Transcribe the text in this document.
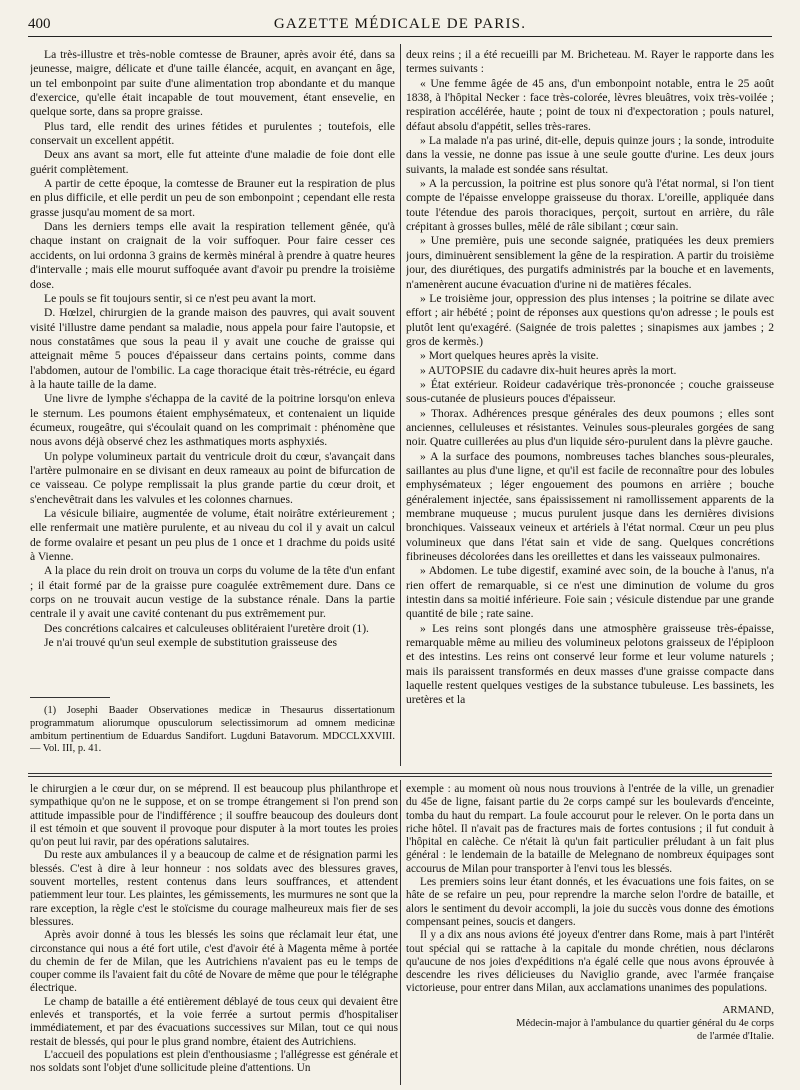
400	GAZETTE MÉDICALE DE PARIS.

La très-illustre et très-noble comtesse de Brauner, après avoir été, dans sa jeunesse, maigre, délicate et d'une taille élancée, acquit, en avançant en âge, un tel embonpoint par suite d'une alimentation trop abondante et du manque d'exercice, qu'elle était incapable de tout mouvement, étant ensevelie, en quelque sorte, dans sa propre graisse.

Plus tard, elle rendit des urines fétides et purulentes ; toutefois, elle conservait un excellent appétit.

Deux ans avant sa mort, elle fut atteinte d'une maladie de foie dont elle guérit complètement.

A partir de cette époque, la comtesse de Brauner eut la respiration de plus en plus difficile, et elle perdit un peu de son embonpoint ; cependant elle resta grasse jusqu'au moment de sa mort.

Dans les derniers temps elle avait la respiration tellement gênée, qu'à chaque instant on craignait de la voir suffoquer. Pour faire cesser ces accidents, on lui ordonna 3 grains de kermès minéral à prendre à quatre heures d'intervalle ; mais elle mourut suffoquée avant d'avoir pu prendre la troisième dose.

Le pouls se fit toujours sentir, si ce n'est peu avant la mort.

D. Hœlzel, chirurgien de la grande maison des pauvres, qui avait souvent visité l'illustre dame pendant sa maladie, nous appela pour faire l'autopsie, et nous constatâmes que sous la peau il y avait une couche de graisse qui atteignait même 5 pouces d'épaisseur dans certains points, comme dans l'abdomen, autour de l'ombilic. La cage thoracique était très-rétrécie, eu égard à la haute taille de la dame.

Une livre de lymphe s'échappa de la cavité de la poitrine lorsqu'on enleva le sternum. Les poumons étaient emphysémateux, et contenaient un liquide écumeux, rougeâtre, qui s'écoulait quand on les comprimait : phénomène que nous avons déjà observé chez les asthmatiques morts asphyxiés.

Un polype volumineux partait du ventricule droit du cœur, s'avançait dans l'artère pulmonaire en se divisant en deux rameaux au point de bifurcation de ce vaisseau. Ce polype remplissait la plus grande partie du cœur droit, et s'enchevêtrait dans les valvules et les colonnes charnues.

La vésicule biliaire, augmentée de volume, était noirâtre extérieurement ; elle renfermait une matière purulente, et au niveau du col il y avait un calcul de forme ovalaire et pesant un peu plus de 1 once et 1 drachme du poids usité à Vienne.

A la place du rein droit on trouva un corps du volume de la tête d'un enfant ; il était formé par de la graisse pure coagulée extrêmement dure. Dans ce corps on ne trouvait aucun vestige de la substance rénale. Dans la partie centrale il y avait une cavité contenant du pus extrêmement pur.

Des concrétions calcaires et calculeuses oblitéraient l'uretère droit (1).

Je n'ai trouvé qu'un seul exemple de substitution graisseuse des

(1) Josephi Baader Observationes medicæ in Thesaurus dissertationum programmatum aliorumque opusculorum selectissimorum ad omnem medicinæ ambitum pertinentium de Eduardus Sandifort. Lugduni Batavorum. MDCCLXXVIII. — Vol. III, p. 41.

deux reins ; il a été recueilli par M. Bricheteau. M. Rayer le rapporte dans les termes suivants :

« Une femme âgée de 45 ans, d'un embonpoint notable, entra le 25 août 1838, à l'hôpital Necker : face très-colorée, lèvres bleuâtres, voix très-voilée ; respiration accélérée, haute ; point de toux ni d'expectoration ; pouls naturel, défaut absolu d'appétit, selles très-rares.

» La malade n'a pas uriné, dit-elle, depuis quinze jours ; la sonde, introduite dans la vessie, ne donne pas issue à une seule goutte d'urine. Les deux jours suivants, la malade est sondée sans résultat.

» A la percussion, la poitrine est plus sonore qu'à l'état normal, si l'on tient compte de l'épaisse enveloppe graisseuse du thorax. L'oreille, appliquée dans toute l'étendue des parois thoraciques, perçoit, surtout en arrière, du râle crépitant à grosses bulles, mêlé de râle sibilant ; cœur sain.

» Une première, puis une seconde saignée, pratiquées les deux premiers jours, diminuèrent sensiblement la gêne de la respiration. A partir du troisième jour, des diurétiques, des purgatifs administrés par la bouche et en lavements, n'amenèrent aucune évacuation d'urine ni de matières fécales.

» Le troisième jour, oppression des plus intenses ; la poitrine se dilate avec effort ; air hébété ; point de réponses aux questions qu'on adresse ; le pouls est plutôt lent qu'exagéré. (Saignée de trois palettes ; sinapismes aux jambes ; 2 gros de kermès.)

» Mort quelques heures après la visite.

» AUTOPSIE du cadavre dix-huit heures après la mort.

» État extérieur. Roideur cadavérique très-prononcée ; couche graisseuse sous-cutanée de plusieurs pouces d'épaisseur.

» Thorax. Adhérences presque générales des deux poumons ; elles sont anciennes, celluleuses et résistantes. Veinules sous-pleurales gorgées de sang noir. Quatre cuillerées au plus d'un liquide séro-purulent dans la plèvre gauche.

» A la surface des poumons, nombreuses taches blanches sous-pleurales, saillantes au plus d'une ligne, et qu'il est facile de reconnaître pour des lobules emphysémateux ; léger engouement des poumons en arrière ; bouche généralement injectée, sans épaississement ni ramollissement apparents de la membrane muqueuse ; mucus purulent jusque dans les dernières divisions bronchiques. Vaisseaux veineux et artériels à l'état normal. Cœur un peu plus volumineux que dans l'état sain et vide de sang. Quelques concrétions fibrineuses décolorées dans les oreillettes et dans les vaisseaux pulmonaires.

» Abdomen. Le tube digestif, examiné avec soin, de la bouche à l'anus, n'a rien offert de remarquable, si ce n'est une diminution de volume du gros intestin dans sa moitié inférieure. Foie sain ; vésicule distendue par une grande quantité de bile ; rate saine.

» Les reins sont plongés dans une atmosphère graisseuse très-épaisse, remarquable même au milieu des volumineux pelotons graisseux de l'épiploon et des intestins. Les reins ont conservé leur forme et leur volume naturels ; mais ils paraissent transformés en deux masses d'une graisse compacte dans laquelle restent quelques vestiges de la substance tubuleuse. Les bassinets, les uretères et la

le chirurgien a le cœur dur, on se méprend. Il est beaucoup plus philanthrope et sympathique qu'on ne le suppose, et on se trompe étrangement si l'on prend son attitude impassible pour de l'indifférence ; il souffre beaucoup des douleurs dont il est témoin et que souvent il provoque pour disputer à la mort toutes les proies qu'on peut lui ravir, par des opérations salutaires.

Du reste aux ambulances il y a beaucoup de calme et de résignation parmi les blessés. C'est à dire à leur honneur : nos soldats avec des blessures graves, souvent mortelles, restent contenus dans leurs souffrances, et attendent patiemment leur tour. Les plaintes, les gémissements, les murmures ne sont que la rare exception, la règle c'est le stoïcisme du courage malheureux mais fier de ses blessures.

Après avoir donné à tous les blessés les soins que réclamait leur état, une circonstance qui nous a été fort utile, c'est d'avoir été à Magenta même à portée du chemin de fer de Milan, que les Autrichiens n'avaient pas eu le temps de couper comme ils l'avaient fait du côté de Novare de même que pour le télégraphe électrique.

Le champ de bataille a été entièrement déblayé de tous ceux qui devaient être enlevés et transportés, et la voie ferrée a surtout permis d'hospitaliser immédiatement, et par des évacuations successives sur Milan, tout ce qui nous restait de blessés, qui pour le plus grand nombre, étaient des Autrichiens.

L'accueil des populations est plein d'enthousiasme ; l'allégresse est générale et nos soldats sont l'objet d'une sollicitude pleine d'attentions. Un

exemple : au moment où nous nous trouvions à l'entrée de la ville, un grenadier du 45e de ligne, faisant partie du 2e corps campé sur les boulevards d'enceinte, tomba du haut du rempart. La foule accourut pour le relever. On le porta dans un riche hôtel. Il n'avait pas de fractures mais de fortes contusions ; il fut conduit à l'hôpital en calèche. Ce n'était là qu'un fait particulier préludant à un fait plus général : le lendemain de la bataille de Melegnano de nombreux équipages sont accourus de Milan pour transporter à l'envi tous les blessés.

Les premiers soins leur étant donnés, et les évacuations une fois faites, on se hâte de se refaire un peu, pour reprendre la marche selon l'ordre de bataille, et alors le sentiment du devoir accompli, la joie du succès vous donne des émotions compensant peines, soucis et dangers.

Il y a dix ans nous avions été joyeux d'entrer dans Rome, mais à part l'intérêt tout spécial qui se rattache à la capitale du monde chrétien, nous déclarons qu'aucune de nos joies d'expéditions n'a égalé celle que nous avons éprouvée à descendre les rives délicieuses du Naviglio grande, avec l'armée française victorieuse, pour entrer dans Milan, aux acclamations unanimes des populations.

ARMAND,
Médecin-major à l'ambulance du quartier général du 4e corps
de l'armée d'Italie.
